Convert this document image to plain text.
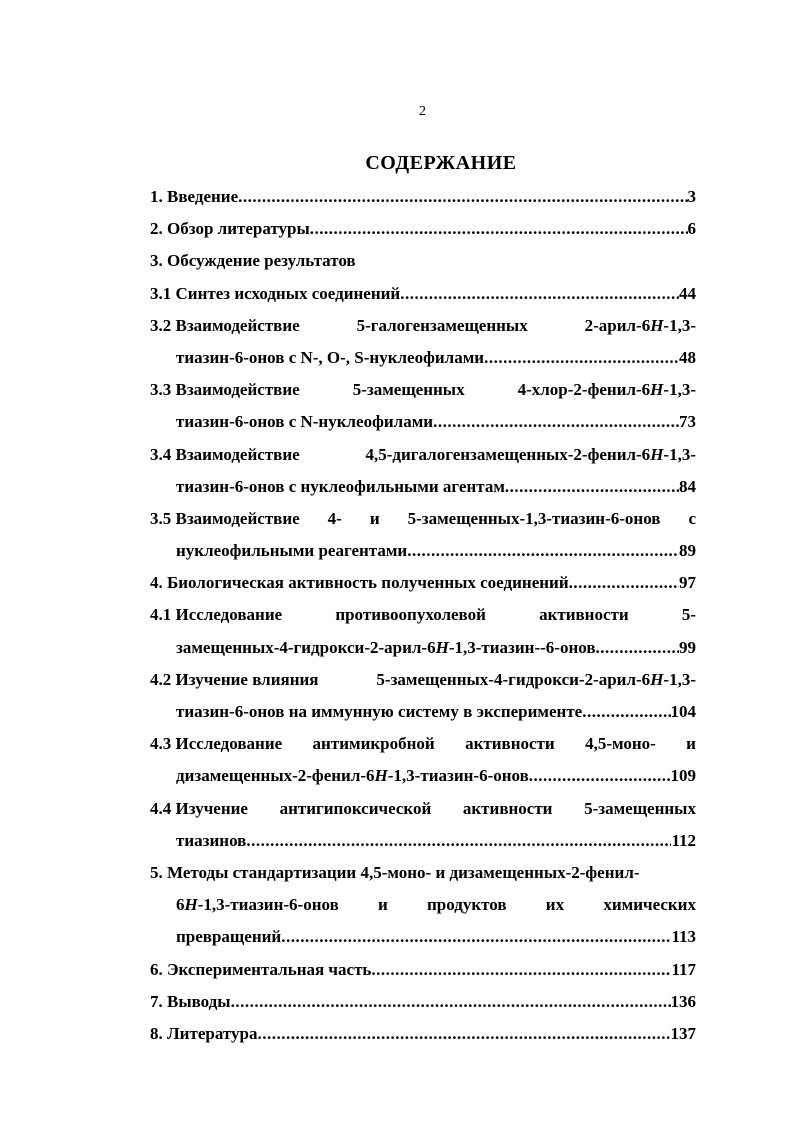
2
СОДЕРЖАНИЕ
1. Введение .....	3
2. Обзор литературы .....	6
3. Обсуждение результатов
3.1 Синтез исходных соединений .....	44
3.2 Взаимодействие	5-галогензамещенных	2-арил-6H-1,3-
тиазин-6-онов с N-, O-, S-нуклеофилами .....	48
3.3 Взаимодействие	5-замещенных	4-хлор-2-фенил-6H-1,3-
тиазин-6-онов с N-нуклеофилами .....	73
3.4 Взаимодействие	4,5-дигалогензамещенных-2-фенил-6H-1,3-
тиазин-6-онов с нуклеофильными агентам .....	84
3.5 Взаимодействие 4- и 5-замещенных-1,3-тиазин-6-онов с
нуклеофильными реагентами .....	89
4. Биологическая активность полученных соединений .....	97
4.1 Исследование	противоопухолевой	активности	5-
замещенных-4-гидрокси-2-арил-6H-1,3-тиазин--6-онов .....	99
4.2 Изучение влияния	5-замещенных-4-гидрокси-2-арил-6H-1,3-
тиазин-6-онов на иммунную систему в эксперименте .....	104
4.3 Исследование антимикробной активности 4,5-моно- и
дизамещенных-2-фенил-6H-1,3-тиазин-6-онов .....	109
4.4 Изучение антигипоксической активности 5-замещенных
тиазинов .....	112
5. Методы стандартизации 4,5-моно- и дизамещенных-2-фенил-
6H-1,3-тиазин-6-онов и продуктов их химических
превращений .....	113
6. Экспериментальная часть .....	117
7. Выводы .....	136
8. Литература .....	137
